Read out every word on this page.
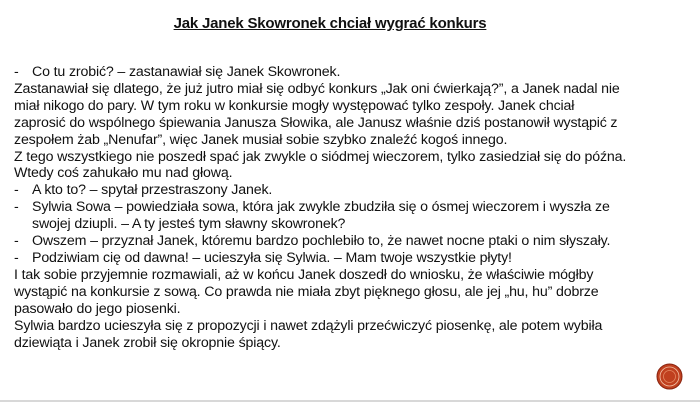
Jak Janek Skowronek chciał wygrać konkurs
- Co tu zrobić? – zastanawiał się Janek Skowronek.
Zastanawiał się dlatego, że już jutro miał się odbyć konkurs „Jak oni ćwierkają?”, a Janek nadal nie
miał nikogo do pary. W tym roku w konkursie mogły występować tylko zespoły. Janek chciał
zaprosić do wspólnego śpiewania Janusza Słowika, ale Janusz właśnie dziś postanowił wystąpić z
zespołem żab „Nenufar”, więc Janek musiał sobie szybko znaleźć kogoś innego.
Z tego wszystkiego nie poszedł spać jak zwykle o siódmej wieczorem, tylko zasiedział się do późna.
Wtedy coś zahukało mu nad głową.
- A kto to? – spytał przestraszony Janek.
- Sylwia Sowa – powiedziała sowa, która jak zwykle zbudziła się o ósmej wieczorem i wyszła ze
swojej dziupli. – A ty jesteś tym sławny skowronek?
- Owszem – przyznał Janek, któremu bardzo pochlebiło to, że nawet nocne ptaki o nim słyszały.
- Podziwiam cię od dawna! – ucieszyła się Sylwia. – Mam twoje wszystkie płyty!
I tak sobie przyjemnie rozmawiali, aż w końcu Janek doszedł do wniosku, że właściwie mógłby
wystąpić na konkursie z sową. Co prawda nie miała zbyt pięknego głosu, ale jej „hu, hu” dobrze
pasowało do jego piosenki.
Sylwia bardzo ucieszyła się z propozycji i nawet zdążyli przećwiczyć piosenkę, ale potem wybiła
dziewiąta i Janek zrobił się okropnie śpiący.
